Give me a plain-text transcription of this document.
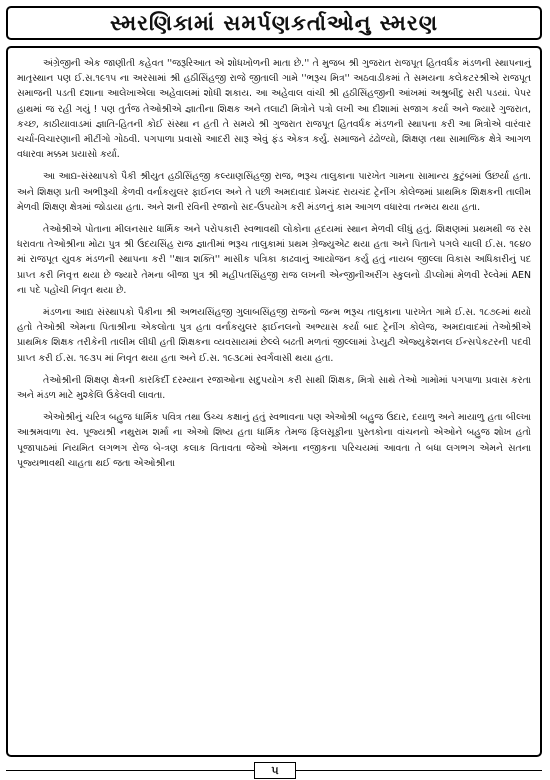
સ્મરણિકામાં સમર્પણકર્તાઓનુ સ્મરણ

અંગ્રેજીની એક જાણીતી કહેવત ''જરૂરિઆત એ શોધખોળની માતા છે.'' તે મુજબ શ્રી ગુજરાત રાજપૂત હિતવર્ધક મંડળની સ્થાપનાનું માતૃસ્થાન પણ ઈ.સ.૧૯૧૫ ના અરસામાં શ્રી હઠીસિંહજી રાજે જીતાલી ગામે ''ભરૂચ મિત્ર'' અઠવાડીકમાં તે સમયના કલેકટરશ્રીએ રાજપૂત સમાજની પડતી દશાના આલેખાએલા અહેવાલમાં શોધી શકાય. આ અહેવાલ વાંચી શ્રી હઠીસિંહજીની આંખમાં અશ્રુબીંદુ સરી પડયાં. પેપર હાથમાં જ રહી ગયું ! પણ તુર્તજ તેઓશ્રીએ જ્ઞાતીના શિક્ષક અને તલાટી મિત્રોને પત્રો લખી આ દીશામાં સજાગ કર્યા અને જ્યારે ગુજરાત, કચ્છ, કાઠીયાવાડમાં જ્ઞાતિ-હિતની કોઈ સંસ્થા ન હતી તે સમયે શ્રી ગુજરાત રાજપૂત હિતવર્ધક મંડળની સ્થાપના કરી આ મિત્રોએ વારંવાર ચર્ચા-વિચારણાની મીટીંગો ગોઠવી. પગપાળા પ્રવાસો આદરી સારૂ એવું ફંડ એકત્ર કર્યુ. સમાજને ઢંઢોળ્યો, શિક્ષણ તથા સામાજિક ક્ષેત્રે આગળ વધારવા મક્કમ પ્રયાસો કર્યા.

આ આદ્ય-સંસ્થાપકો પૈકી શ્રીયુત હઠીસિંહજી કલ્યાણસિંહજી રાજ, ભરૂચ તાલુકાના પારખેત ગામના સામાન્ય કુટુંબમાં ઉછર્યા હતા. અને શિક્ષણ પ્રતી અભીરૂચી કેળવી વર્નાકયુલર ફાઈનલ અને તે પછી અમદાવાદ પ્રેમચંદ રાયચંદ ટ્રેનીંગ કોલેજમાં પ્રાથમિક શિક્ષકની તાલીમ મેળવી શિક્ષણ ક્ષેત્રમાં જોડાયા હતા. અને શની રવિની રજાનો સદ-ઉપયોગ કરી મંડળનું કામ આગળ વધારવા તન્મય થયા હતા.

તેઓશ્રીએ પોતાના મીલનસાર ધાર્મિક અને પરોપકારી સ્વભાવથી લોકોના હ્રદયમાં સ્થાન મેળવી લીધું હતું. શિક્ષણમાં પ્રથમથી જ રસ ધરાવતા તેઓશ્રીના મોટા પુત્ર શ્રી ઉદયસિંહ રાજ જ્ઞાતીમાં ભરૂચ તાલુકામાં પ્રથમ ગ્રેજ્યુએટ થયા હતા અને પિતાને પગલે ચાલી ઈ.સ. ૧૯૪૦ માં રાજપૂત યુવક મંડળની સ્થાપના કરી ''ક્ષાત્ર શક્તિ'' માસીક પત્રિકા કાઢવાનું આયોજન કર્યુ હતું નાયબ જીલ્લા વિકાસ અધિકારીનું પદ પ્રાપ્ત કરી નિવૃત્ત થયા છે જ્યારે તેમના બીજા પુત્ર શ્રી મહીપતસિંહજી રાજ લખની એન્જીનીઅરીંગ સ્કુલનો ડીપ્લોમાં મેળવી રેલ્વેમાં AEN ના પદે પહોંચી નિવૃત થયા છે.

મંડળના આદ્ય સંસ્થાપકો પૈકીના શ્રી અભયસિંહજી ગુલાબસિંહજી રાજનો જન્મ ભરૂચ તાલુકાના પારખેત ગામે ઈ.સ. ૧૮૭૯માં થયો હતો તેઓશ્રી એમના પિતાશ્રીના એકલોતા પુત્ર હતા વર્નાકયુલર ફાઈનલનો અભ્યાસ કર્યા બાદ ટ્રેનીંગ કોલેજ, અમદાવાદમાં તેઓશ્રીએ પ્રાથમિક શિક્ષક તરીકેની તાલીમ લીધી હતી શિક્ષકના વ્યવસાયમાં છેલ્લે બઢતી મળતાં જીલ્લામાં ડેપ્યુટી એજ્યુકેશનલ ઈન્સપેકટરની પદવી પ્રાપ્ત કરી ઈ.સ. ૧૯૩૫ માં નિવૃત થયા હતા અને ઈ.સ. ૧૯૩૮માં સ્વર્ગવાસી થયા હતા.

તેઓશ્રીની શિક્ષણ ક્ષેત્રની કારકિર્દી દરમ્યાન રજાઓના સદુપયોગ કરી સાથી શિક્ષક, મિત્રો સાથે તેઓ ગામોમાં પગપાળા પ્રવાસ કરતા અને મંડળ માટે મુશ્કેલિ ઉકેલવી લાવતા.

એઓશ્રીનું ચરિત્ર બહુજ ધાર્મિક પવિત્ર તથા ઉચ્ચ કક્ષાનું હતું સ્વભાવના પણ એઓશ્રી બહુજ ઉદાર, દયાળુ અને માયાળુ હતા બીલ્ખા આશ્રમવાળા સ્વ. પૂજ્યશ્રી નથુરામ શર્મા ના એઓ શિષ્ય હતા ધાર્મિક તેમજ ફિલસૂફીના પુસ્તકોના વાંચનનો એઓને બહુજ શોખ હતો પૂજાપાઠમાં નિયમિત લગભગ રોજ બે-ત્રણ કલાક વિતાવતા જેઓ એમના નજીકના પરિચયમાં આવતા તે બધા લગભગ એમને સતના પૂજ્યભાવથી ચાહતા થઈ જતા એઓશ્રીના

૫
